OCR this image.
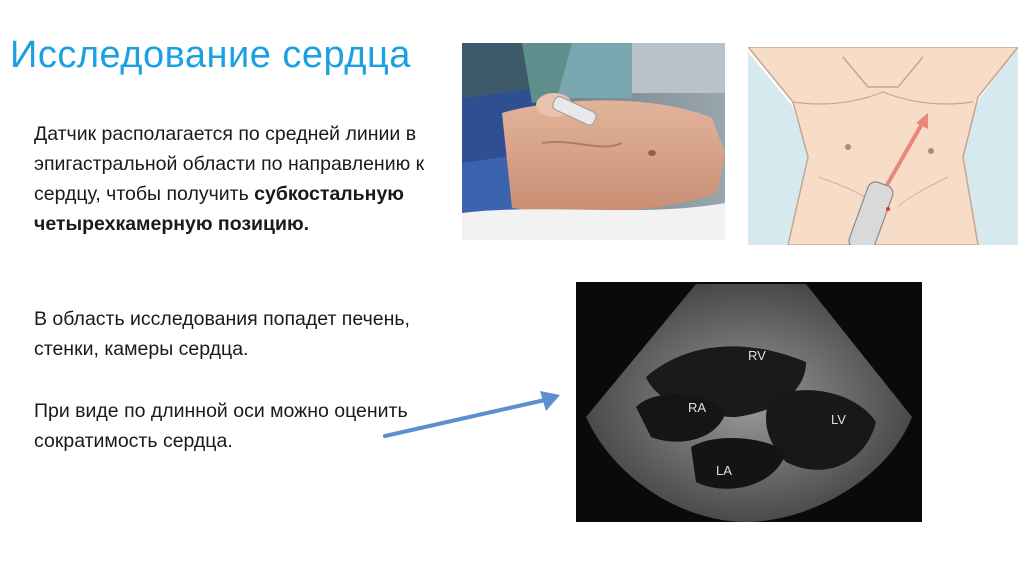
Исследование сердца
Датчик располагается по средней линии в эпигастральной области по направлению к сердцу, чтобы получить субкостальную четырехкамерную позицию.
В область исследования попадет печень, стенки, камеры сердца.
При виде по длинной оси можно оценить сократимость сердца.
RV
RA
LV
LA
